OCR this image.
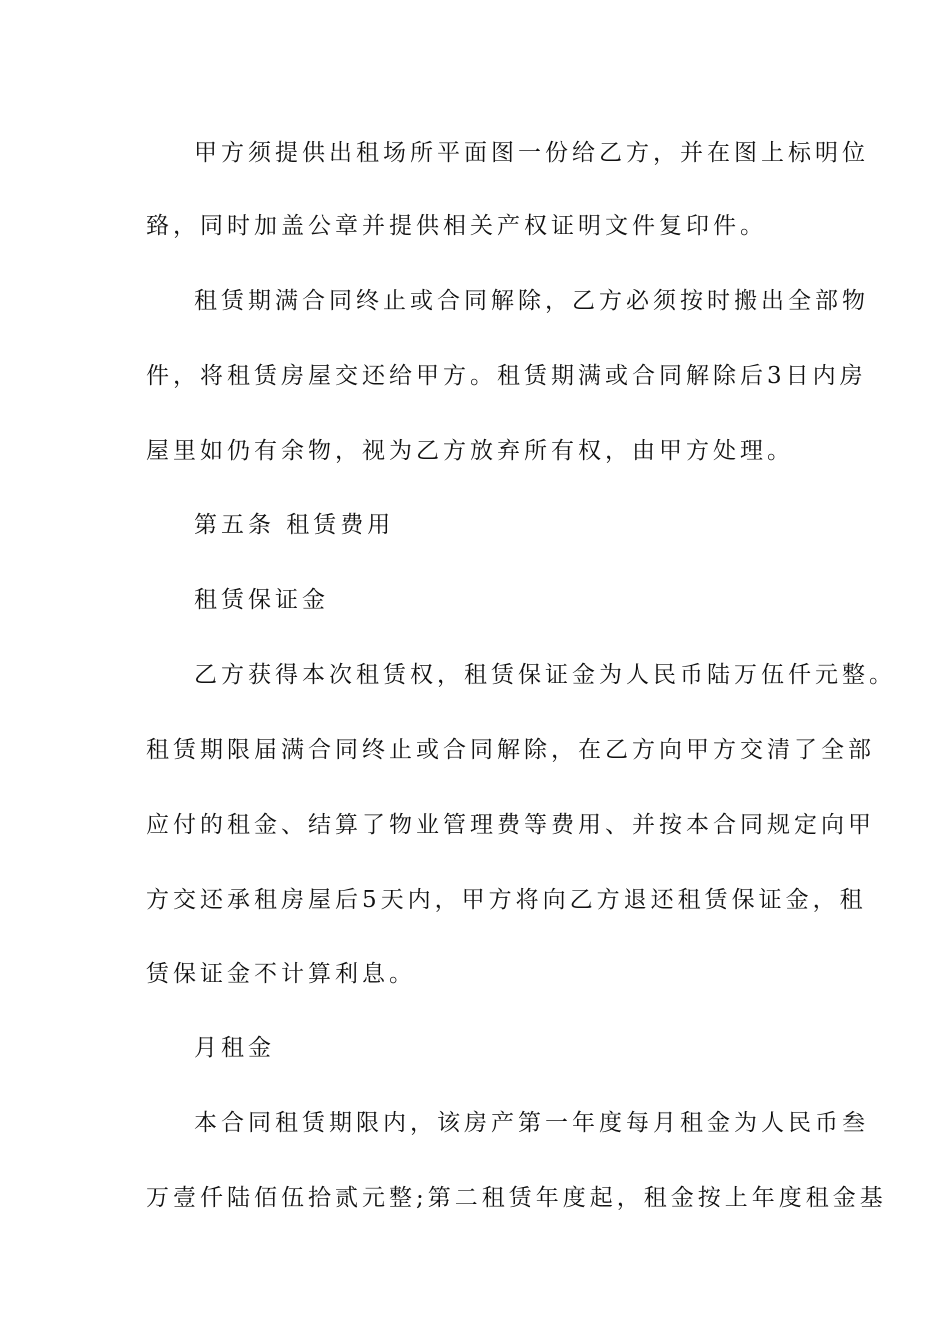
甲方须提供出租场所平面图一份给乙方，并在图上标明位
臵，同时加盖公章并提供相关产权证明文件复印件。
租赁期满合同终止或合同解除，乙方必须按时搬出全部物
件，将租赁房屋交还给甲方。租赁期满或合同解除后3日内房
屋里如仍有余物，视为乙方放弃所有权，由甲方处理。
第五条 租赁费用
租赁保证金
乙方获得本次租赁权，租赁保证金为人民币陆万伍仟元整。
租赁期限届满合同终止或合同解除，在乙方向甲方交清了全部
应付的租金、结算了物业管理费等费用、并按本合同规定向甲
方交还承租房屋后5天内，甲方将向乙方退还租赁保证金，租
赁保证金不计算利息。
月租金
本合同租赁期限内，该房产第一年度每月租金为人民币叁
万壹仟陆佰伍拾贰元整;第二租赁年度起，租金按上年度租金基
